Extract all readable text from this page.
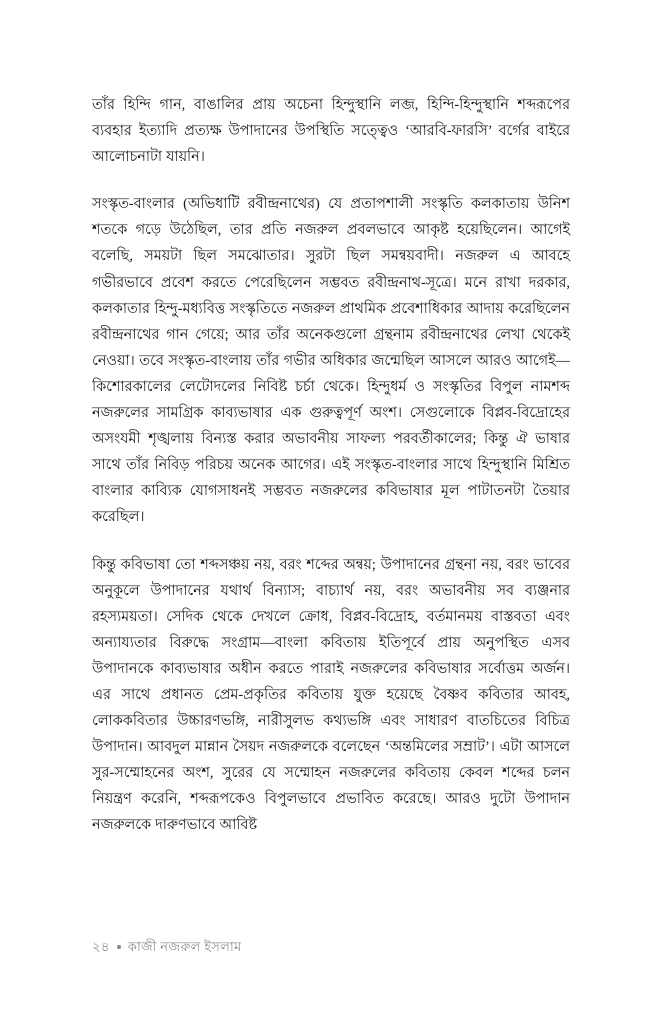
তাঁর হিন্দি গান, বাঙালির প্রায় অচেনা হিন্দুস্থানি লব্জ, হিন্দি-হিন্দুস্থানি শব্দরূপের ব্যবহার ইত্যাদি প্রত্যক্ষ উপাদানের উপস্থিতি সত্ত্বেও ‘আরবি-ফারসি’ বর্গের বাইরে আলোচনাটা যায়নি।

সংস্কৃত-বাংলার (অভিধাটি রবীন্দ্রনাথের) যে প্রতাপশালী সংস্কৃতি কলকাতায় উনিশ শতকে গড়ে উঠেছিল, তার প্রতি নজরুল প্রবলভাবে আকৃষ্ট হয়েছিলেন। আগেই বলেছি, সময়টা ছিল সমঝোতার। সুরটা ছিল সমন্বয়বাদী। নজরুল এ আবহে গভীরভাবে প্রবেশ করতে পেরেছিলেন সম্ভবত রবীন্দ্রনাথ-সূত্রে। মনে রাখা দরকার, কলকাতার হিন্দু-মধ্যবিত্ত সংস্কৃতিতে নজরুল প্রাথমিক প্রবেশাধিকার আদায় করেছিলেন রবীন্দ্রনাথের গান গেয়ে; আর তাঁর অনেকগুলো গ্রন্থনাম রবীন্দ্রনাথের লেখা থেকেই নেওয়া। তবে সংস্কৃত-বাংলায় তাঁর গভীর অধিকার জন্মেছিল আসলে আরও আগেই—কিশোরকালের লেটোদলের নিবিষ্ট চর্চা থেকে। হিন্দুধর্ম ও সংস্কৃতির বিপুল নামশব্দ নজরুলের সামগ্রিক কাব্যভাষার এক গুরুত্বপূর্ণ অংশ। সেগুলোকে বিপ্লব-বিদ্রোহের অসংযমী শৃঙ্খলায় বিন্যস্ত করার অভাবনীয় সাফল্য পরবর্তীকালের; কিন্তু ঐ ভাষার সাথে তাঁর নিবিড় পরিচয় অনেক আগের। এই সংস্কৃত-বাংলার সাথে হিন্দুস্থানি মিশ্রিত বাংলার কাব্যিক যোগসাধনই সম্ভবত নজরুলের কবিভাষার মূল পাটাতনটা তৈয়ার করেছিল।

কিন্তু কবিভাষা তো শব্দসঞ্চয় নয়, বরং শব্দের অন্বয়; উপাদানের গ্রন্থনা নয়, বরং ভাবের অনুকূলে উপাদানের যথার্থ বিন্যাস; বাচ্যার্থ নয়, বরং অভাবনীয় সব ব্যঞ্জনার রহস্যময়তা। সেদিক থেকে দেখলে ক্রোধ, বিপ্লব-বিদ্রোহ, বর্তমানময় বাস্তবতা এবং অন্যায্যতার বিরুদ্ধে সংগ্রাম—বাংলা কবিতায় ইতিপূর্বে প্রায় অনুপস্থিত এসব উপাদানকে কাব্যভাষার অধীন করতে পারাই নজরুলের কবিভাষার সর্বোত্তম অর্জন। এর সাথে প্রধানত প্রেম-প্রকৃতির কবিতায় যুক্ত হয়েছে বৈষ্ণব কবিতার আবহ, লোককবিতার উচ্চারণভঙ্গি, নারীসুলভ কথ্যভঙ্গি এবং সাধারণ বাতচিতের বিচিত্র উপাদান। আবদুল মান্নান সৈয়দ নজরুলকে বলেছেন ‘অন্তমিলের সম্রাট’। এটা আসলে সুর-সম্মোহনের অংশ, সুরের যে সম্মোহন নজরুলের কবিতায় কেবল শব্দের চলন নিয়ন্ত্রণ করেনি, শব্দরূপকেও বিপুলভাবে প্রভাবিত করেছে। আরও দুটো উপাদান নজরুলকে দারুণভাবে আবিষ্ট

২৪ কাজী নজরুল ইসলাম
